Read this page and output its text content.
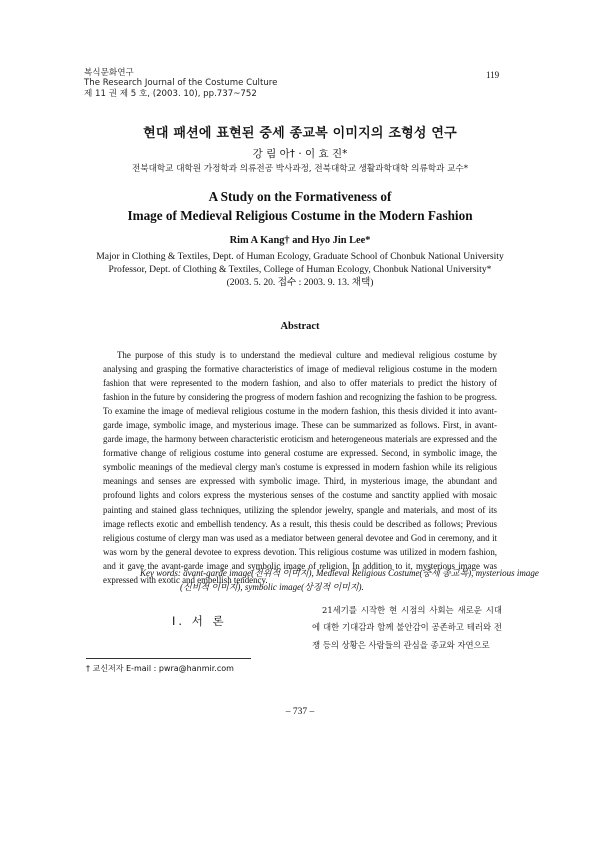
복식문화연구
The Research Journal of the Costume Culture
제 11 권 제 5 호, (2003. 10), pp.737~752
119
현대 패션에 표현된 중세 종교복 이미지의 조형성 연구
강 림 아† · 이 효 진*
전북대학교 대학원 가정학과 의류전공 박사과정, 전북대학교 생활과학대학 의류학과 교수*
A Study on the Formativeness of
Image of Medieval Religious Costume in the Modern Fashion
Rim A Kang† and Hyo Jin Lee*
Major in Clothing & Textiles, Dept. of Human Ecology, Graduate School of Chonbuk National University
Professor, Dept. of Clothing & Textiles, College of Human Ecology, Chonbuk National University*
(2003. 5. 20. 접수 : 2003. 9. 13. 채택)
Abstract
The purpose of this study is to understand the medieval culture and medieval religious costume by analysing and grasping the formative characteristics of image of medieval religious costume in the modern fashion that were represented to the modern fashion, and also to offer materials to predict the history of fashion in the future by considering the progress of modern fashion and recognizing the fashion to be progress. To examine the image of medieval religious costume in the modern fashion, this thesis divided it into avant-garde image, symbolic image, and mysterious image. These can be summarized as follows. First, in avant-garde image, the harmony between characteristic eroticism and heterogeneous materials are expressed and the formative change of religious costume into general costume are expressed. Second, in symbolic image, the symbolic meanings of the medieval clergy man's costume is expressed in modern fashion while its religious meanings and senses are expressed with symbolic image. Third, in mysterious image, the abundant and profound lights and colors express the mysterious senses of the costume and sanctity applied with mosaic painting and stained glass techniques, utilizing the splendor jewelry, spangle and materials, and most of its image reflects exotic and embellish tendency. As a result, this thesis could be described as follows; Previous religious costume of clergy man was used as a mediator between general devotee and God in ceremony, and it was worn by the general devotee to express devotion. This religious costume was utilized in modern fashion, and it gave the avant-garde image and symbolic image of religion. In addition to it, mysterious image was expressed with exotic and embellish tendency.
Key words: avant-garde image(전위적 이미지), Medieval Religious Costume(중세 종교복), mysterious image (신비적 이미지), symbolic image(상징적 이미지).
Ⅰ. 서 론
21세기를 시작한 현 시점의 사회는 새로운 시대에 대한 기대감과 함께 불안감이 공존하고 테러와 전쟁 등의 상황은 사람들의 관심을 종교와 자연으로
† 교신저자 E-mail : pwra@hanmir.com
– 737 –
